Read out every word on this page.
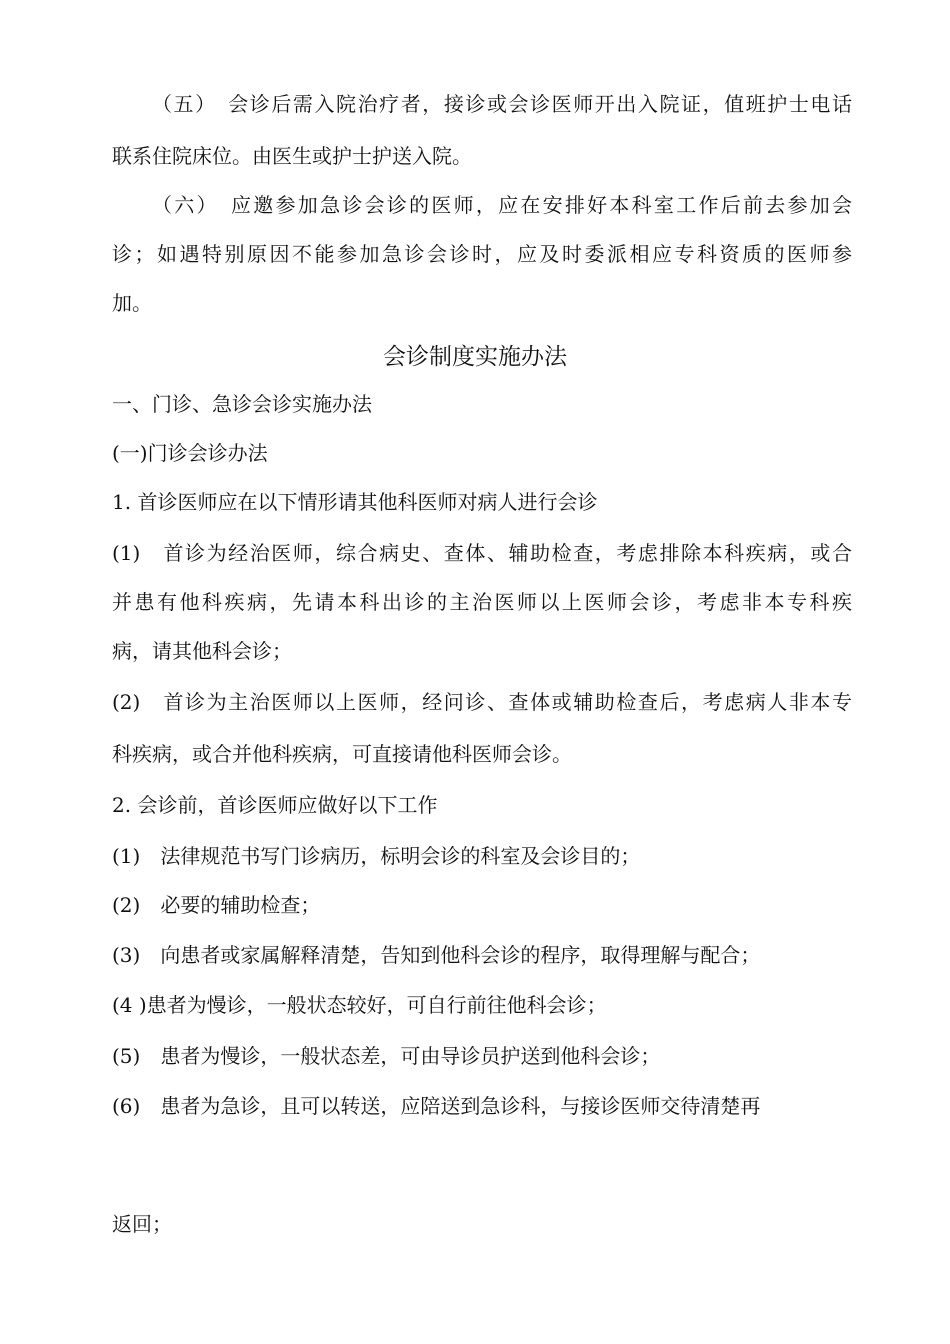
（五）　会诊后需入院治疗者，接诊或会诊医师开出入院证，值班护士电话
联系住院床位。由医生或护士护送入院。
（六）　应邀参加急诊会诊的医师，应在安排好本科室工作后前去参加会
诊；如遇特别原因不能参加急诊会诊时，应及时委派相应专科资质的医师参
加。
会诊制度实施办法
一、门诊、急诊会诊实施办法
(一)门诊会诊办法
1. 首诊医师应在以下情形请其他科医师对病人进行会诊
(1)　首诊为经治医师，综合病史、查体、辅助检查，考虑排除本科疾病，或合
并患有他科疾病，先请本科出诊的主治医师以上医师会诊，考虑非本专科疾
病，请其他科会诊；
(2)　首诊为主治医师以上医师，经问诊、查体或辅助检查后，考虑病人非本专
科疾病，或合并他科疾病，可直接请他科医师会诊。
2. 会诊前，首诊医师应做好以下工作
(1)　法律规范书写门诊病历，标明会诊的科室及会诊目的；
(2)　必要的辅助检查；
(3)　向患者或家属解释清楚，告知到他科会诊的程序，取得理解与配合；
(4 )患者为慢诊，一般状态较好，可自行前往他科会诊；
(5)　患者为慢诊，一般状态差，可由导诊员护送到他科会诊；
(6)　患者为急诊，且可以转送，应陪送到急诊科，与接诊医师交待清楚再
返回；
